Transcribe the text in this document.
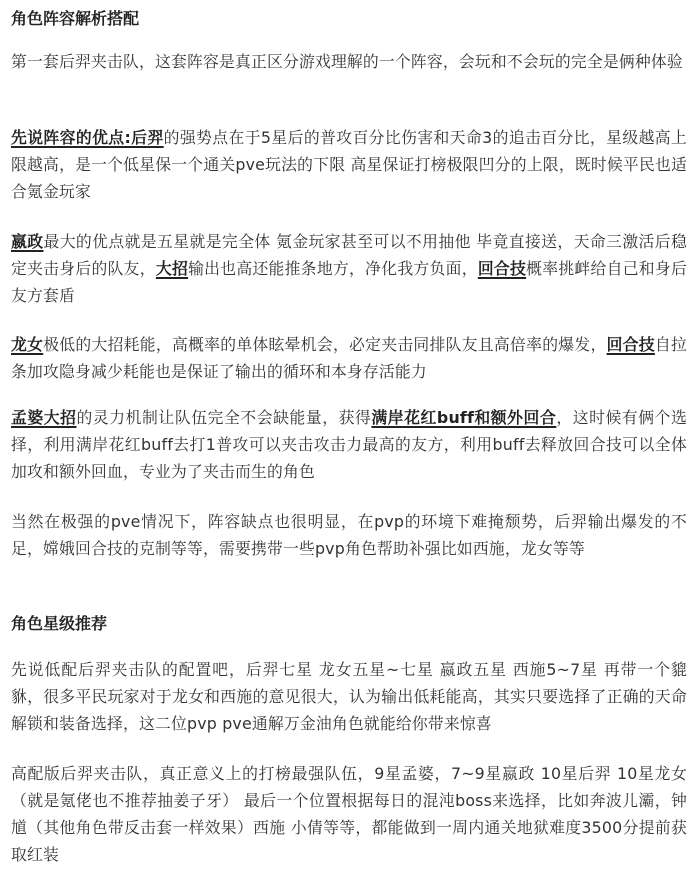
角色阵容解析搭配

第一套后羿夹击队，这套阵容是真正区分游戏理解的一个阵容，会玩和不会玩的完全是俩种体验

先说阵容的优点:后羿的强势点在于5星后的普攻百分比伤害和天命3的追击百分比，星级越高上限越高，是一个低星保一个通关pve玩法的下限 高星保证打榜极限凹分的上限，既时候平民也适合氪金玩家

嬴政最大的优点就是五星就是完全体 氪金玩家甚至可以不用抽他 毕竟直接送，天命三激活后稳定夹击身后的队友，大招输出也高还能推条地方，净化我方负面，回合技概率挑衅给自己和身后友方套盾

龙女极低的大招耗能，高概率的单体眩晕机会，必定夹击同排队友且高倍率的爆发，回合技自拉条加攻隐身减少耗能也是保证了输出的循环和本身存活能力

孟婆大招的灵力机制让队伍完全不会缺能量，获得满岸花红buff和额外回合，这时候有俩个选择，利用满岸花红buff去打1普攻可以夹击攻击力最高的友方，利用buff去释放回合技可以全体加攻和额外回血，专业为了夹击而生的角色

当然在极强的pve情况下，阵容缺点也很明显，在pvp的环境下难掩颓势，后羿输出爆发的不足，嫦娥回合技的克制等等，需要携带一些pvp角色帮助补强比如西施，龙女等等

角色星级推荐

先说低配后羿夹击队的配置吧，后羿七星 龙女五星~七星 嬴政五星 西施5~7星 再带一个貔貅，很多平民玩家对于龙女和西施的意见很大，认为输出低耗能高，其实只要选择了正确的天命解锁和装备选择，这二位pvp pve通解万金油角色就能给你带来惊喜

高配版后羿夹击队，真正意义上的打榜最强队伍，9星孟婆，7~9星嬴政 10星后羿 10星龙女 （就是氪佬也不推荐抽姜子牙） 最后一个位置根据每日的混沌boss来选择，比如奔波儿灞，钟馗（其他角色带反击套一样效果）西施 小倩等等，都能做到一周内通关地狱难度3500分提前获取红装
